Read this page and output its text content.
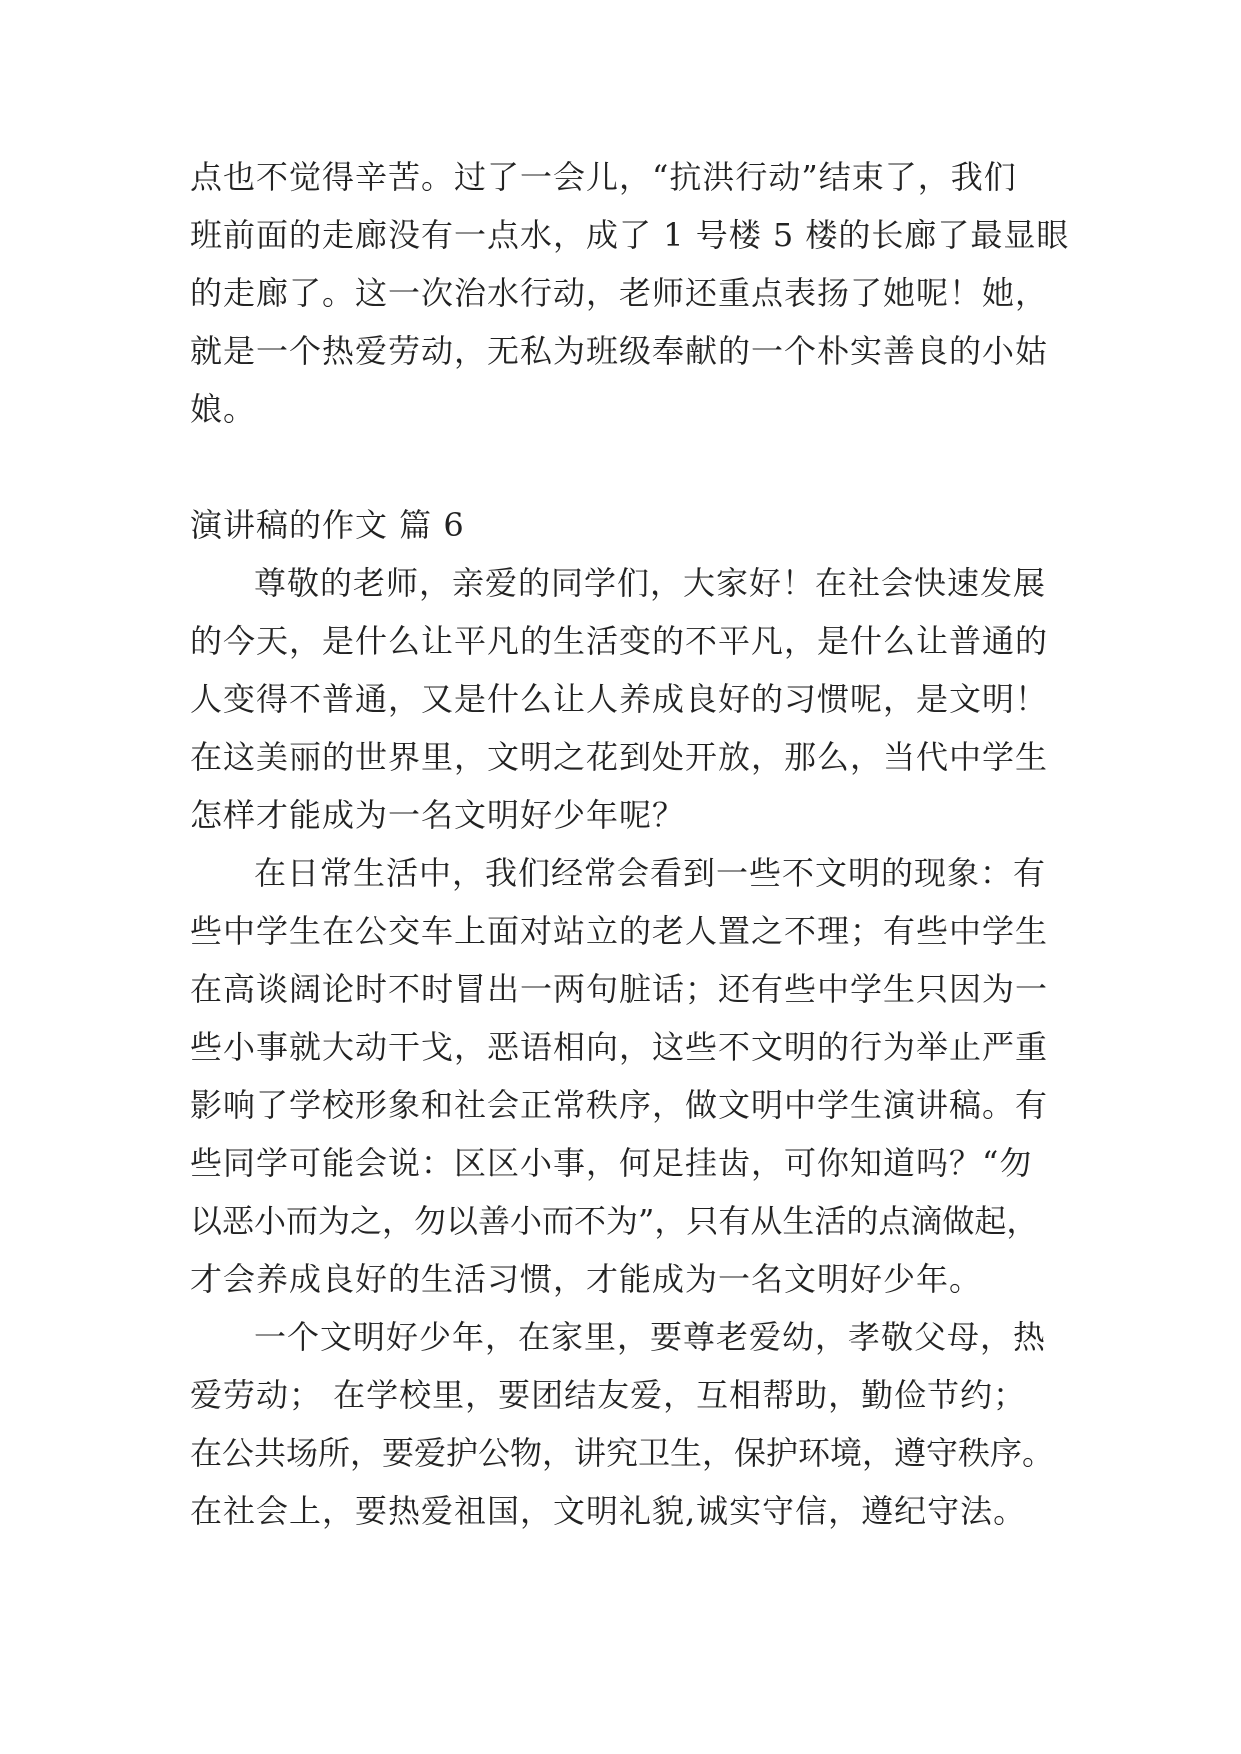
点也不觉得辛苦。过了一会儿，“抗洪行动”结束了，我们
班前面的走廊没有一点水，成了 1 号楼 5 楼的长廊了最显眼
的走廊了。这一次治水行动，老师还重点表扬了她呢！她，
就是一个热爱劳动，无私为班级奉献的一个朴实善良的小姑
娘。
演讲稿的作文 篇 6
尊敬的老师，亲爱的同学们，大家好！在社会快速发展
的今天，是什么让平凡的生活变的不平凡，是什么让普通的
人变得不普通，又是什么让人养成良好的习惯呢，是文明！
在这美丽的世界里，文明之花到处开放，那么，当代中学生
怎样才能成为一名文明好少年呢？
在日常生活中，我们经常会看到一些不文明的现象：有
些中学生在公交车上面对站立的老人置之不理；有些中学生
在高谈阔论时不时冒出一两句脏话；还有些中学生只因为一
些小事就大动干戈，恶语相向，这些不文明的行为举止严重
影响了学校形象和社会正常秩序，做文明中学生演讲稿。有
些同学可能会说：区区小事，何足挂齿，可你知道吗？“勿
以恶小而为之，勿以善小而不为”，只有从生活的点滴做起，
才会养成良好的生活习惯，才能成为一名文明好少年。
一个文明好少年，在家里，要尊老爱幼，孝敬父母，热
爱劳动； 在学校里，要团结友爱，互相帮助，勤俭节约；
在公共场所，要爱护公物，讲究卫生，保护环境，遵守秩序。
在社会上，要热爱祖国，文明礼貌,诚实守信，遵纪守法。
